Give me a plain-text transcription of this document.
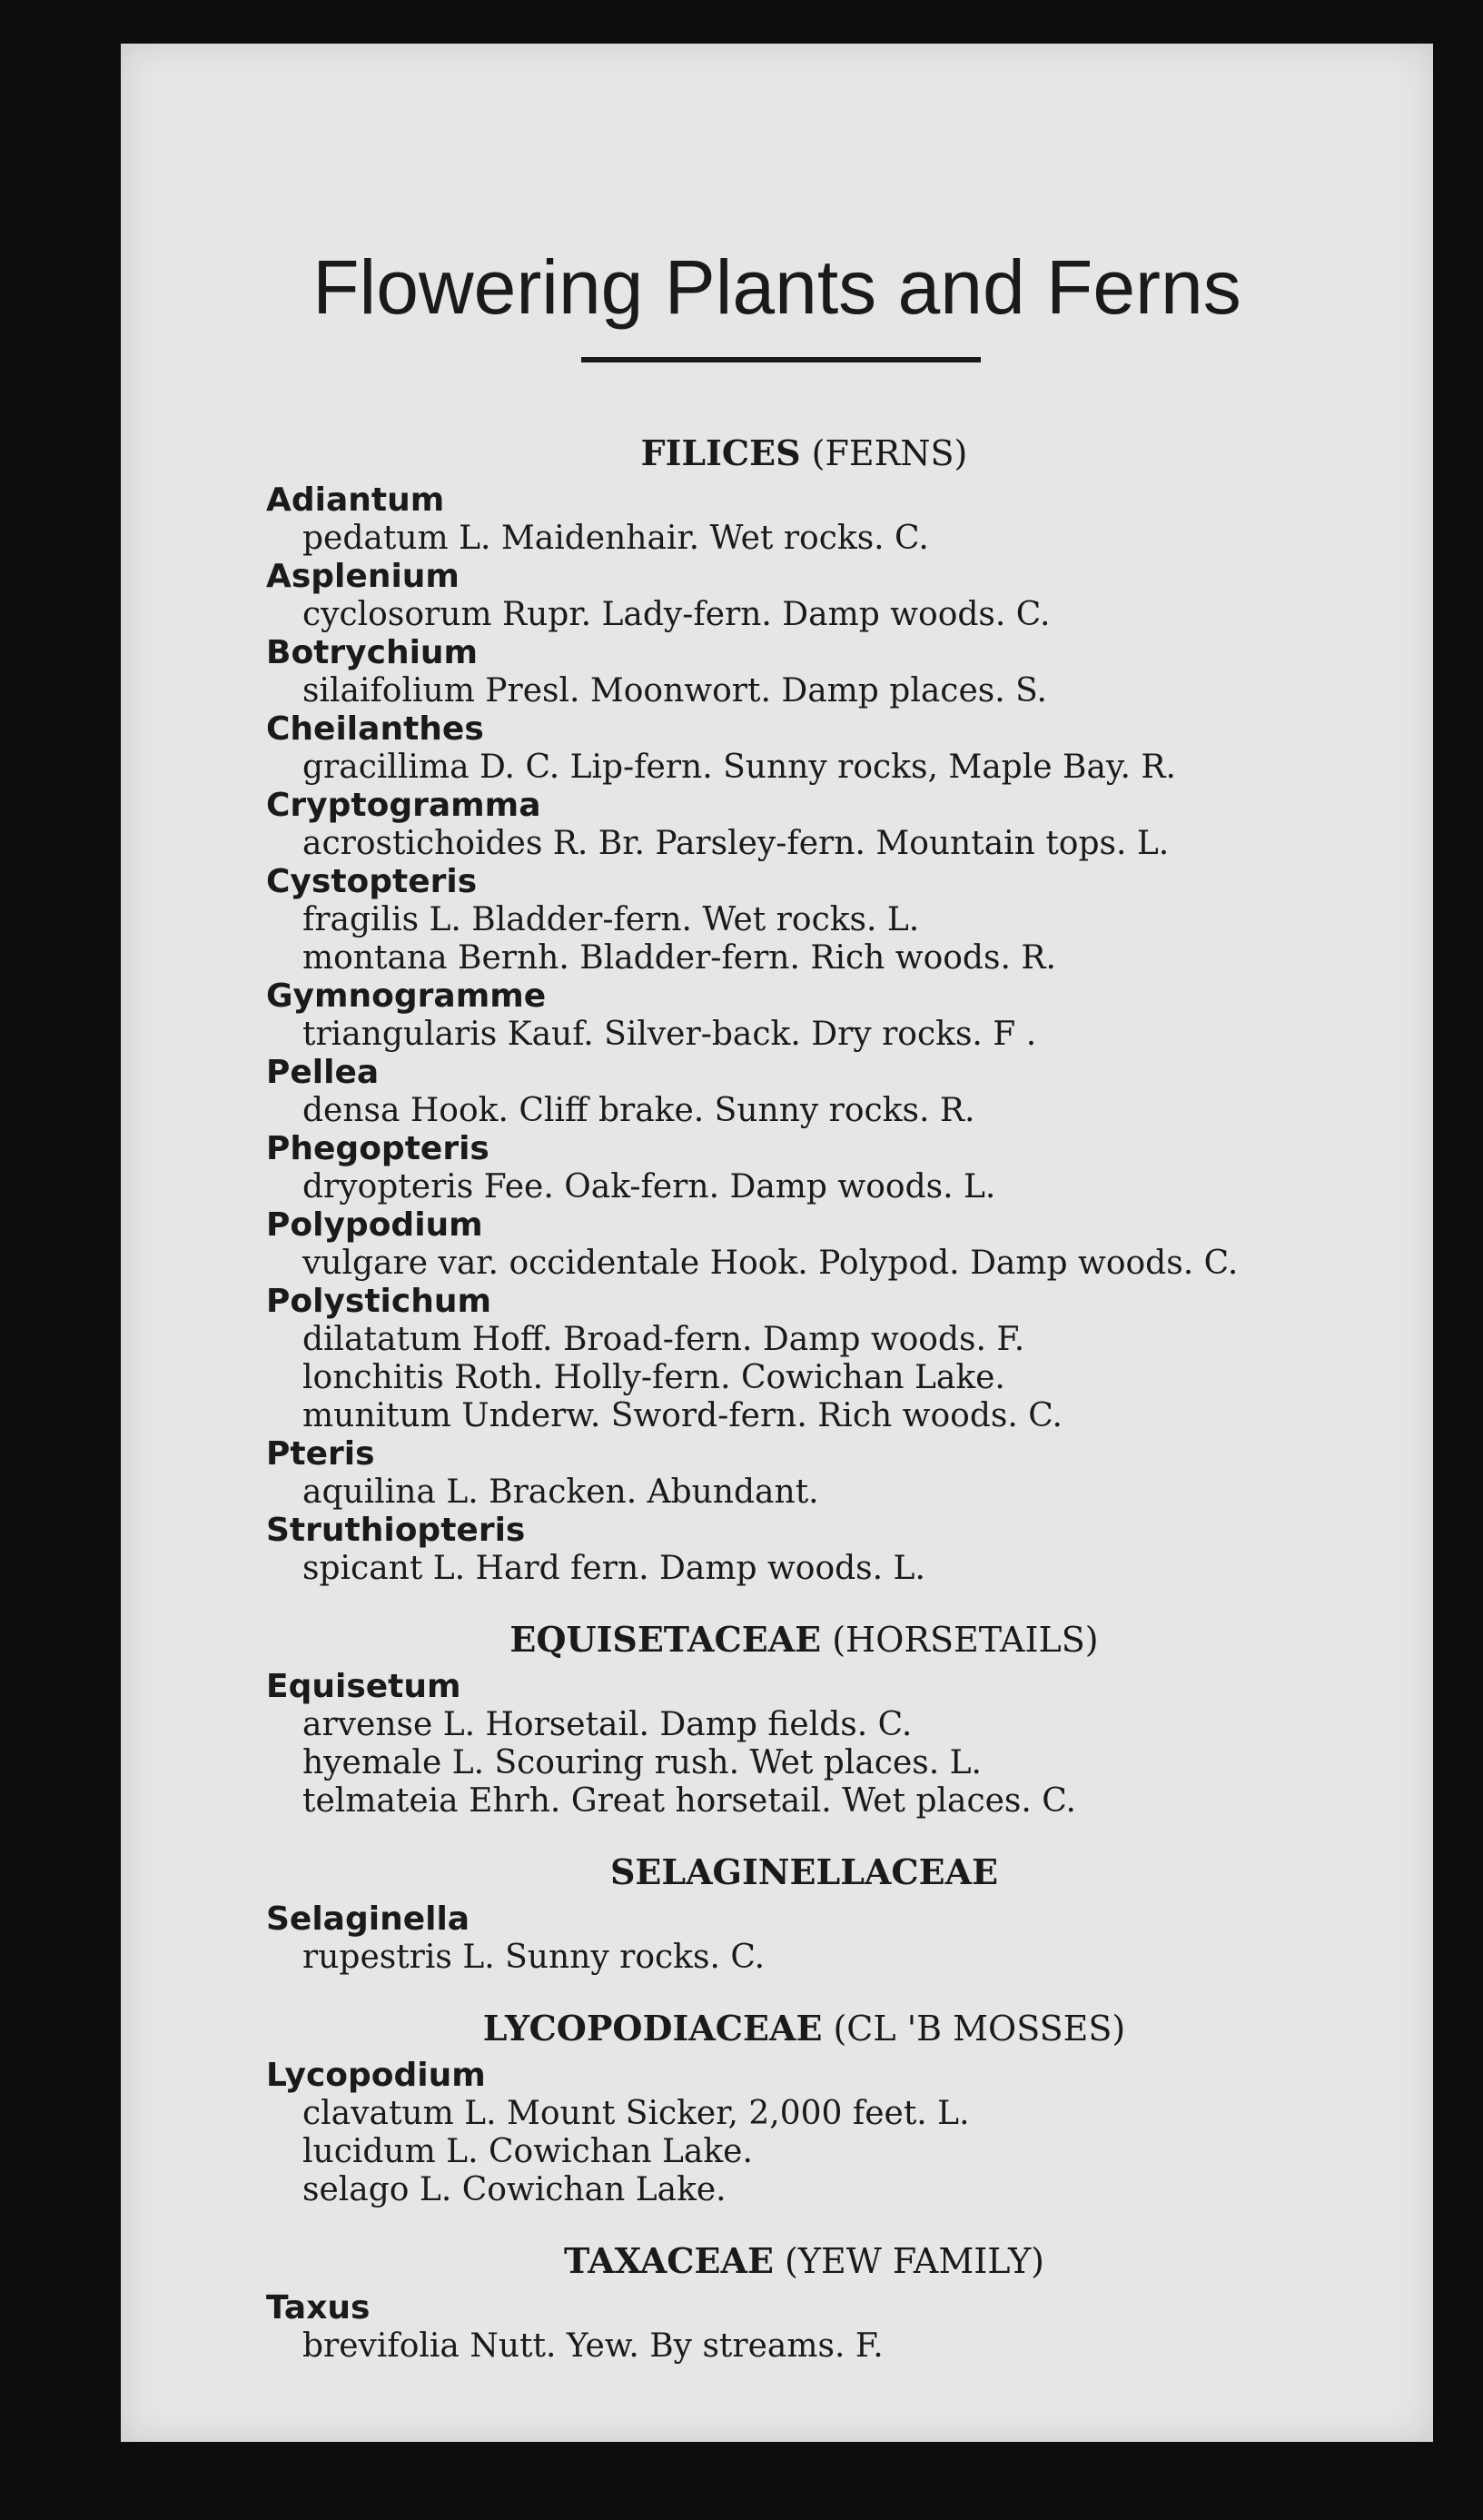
Flowering Plants and Ferns
FILICES (FERNS)
Adiantum
pedatum L. Maidenhair. Wet rocks. C.
Asplenium
cyclosorum Rupr. Lady-fern. Damp woods. C.
Botrychium
silaifolium Presl. Moonwort. Damp places. S.
Cheilanthes
gracillima D. C. Lip-fern. Sunny rocks, Maple Bay. R.
Cryptogramma
acrostichoides R. Br. Parsley-fern. Mountain tops. L.
Cystopteris
fragilis L. Bladder-fern. Wet rocks. L.
montana Bernh. Bladder-fern. Rich woods. R.
Gymnogramme
triangularis Kauf. Silver-back. Dry rocks. F .
Pellea
densa Hook. Cliff brake. Sunny rocks. R.
Phegopteris
dryopteris Fee. Oak-fern. Damp woods. L.
Polypodium
vulgare var. occidentale Hook. Polypod. Damp woods. C.
Polystichum
dilatatum Hoff. Broad-fern. Damp woods. F.
lonchitis Roth. Holly-fern. Cowichan Lake.
munitum Underw. Sword-fern. Rich woods. C.
Pteris
aquilina L. Bracken. Abundant.
Struthiopteris
spicant L. Hard fern. Damp woods. L.
EQUISETACEAE (HORSETAILS)
Equisetum
arvense L. Horsetail. Damp fields. C.
hyemale L. Scouring rush. Wet places. L.
telmateia Ehrh. Great horsetail. Wet places. C.
SELAGINELLACEAE
Selaginella
rupestris L. Sunny rocks. C.
LYCOPODIACEAE (CL 'B MOSSES)
Lycopodium
clavatum L. Mount Sicker, 2,000 feet. L.
lucidum L. Cowichan Lake.
selago L. Cowichan Lake.
TAXACEAE (YEW FAMILY)
Taxus
brevifolia Nutt. Yew. By streams. F.
